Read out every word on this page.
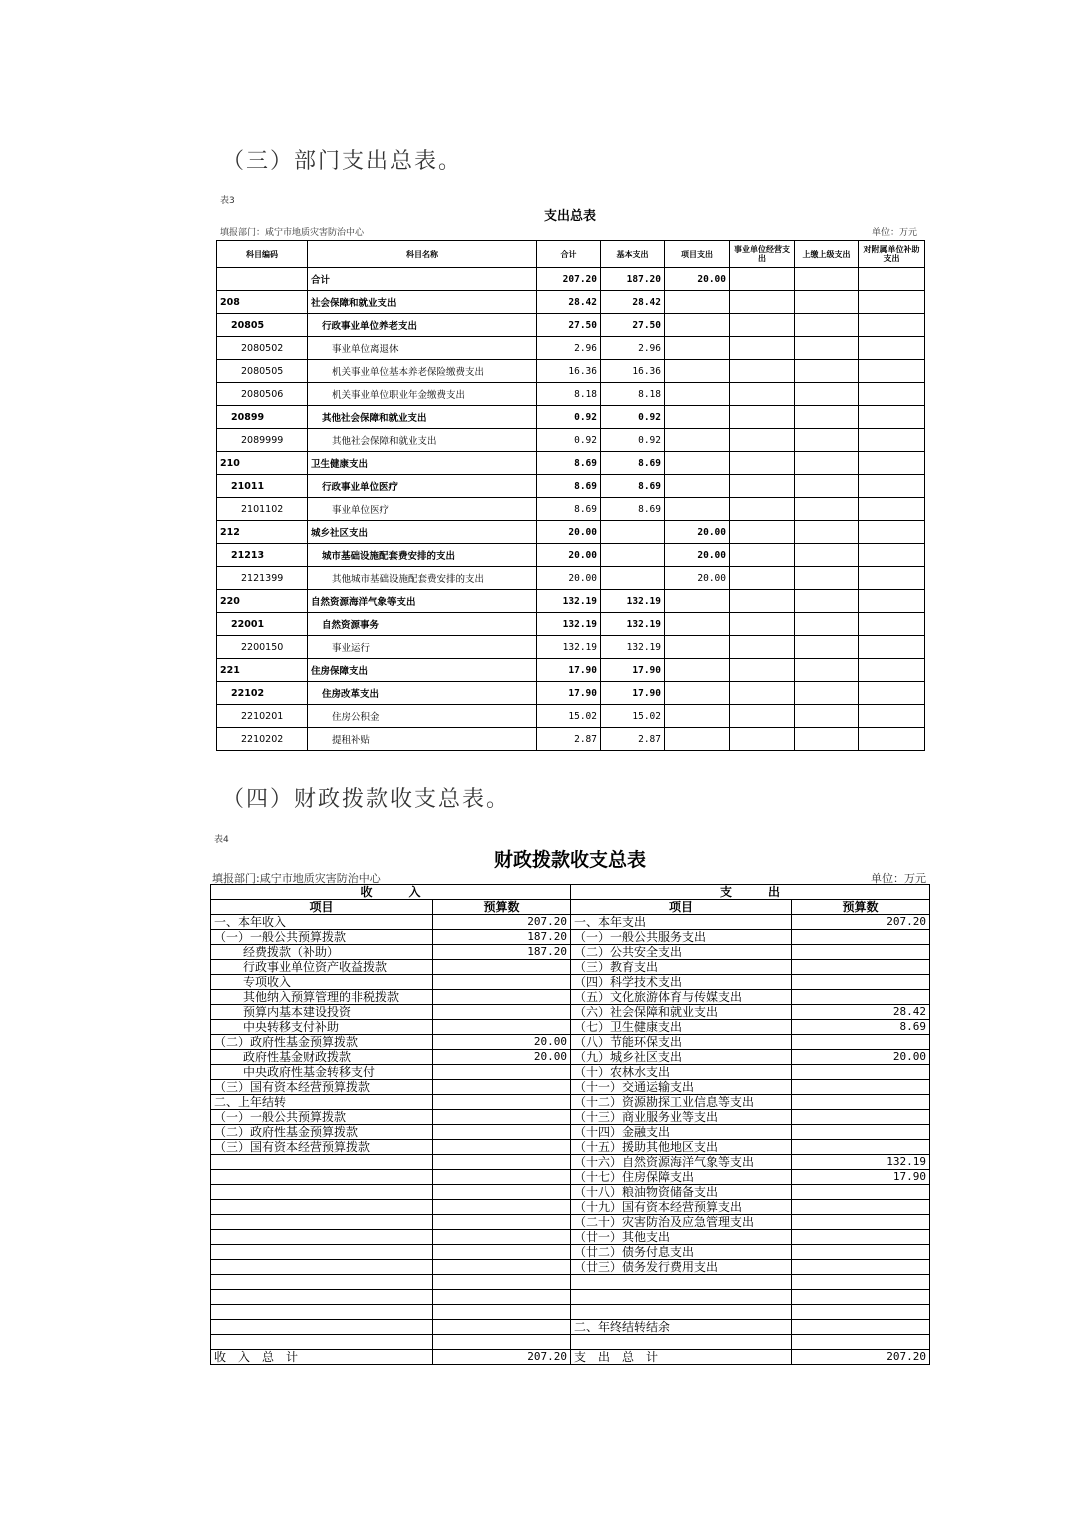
（三）部门支出总表。
表3
支出总表
填报部门：咸宁市地质灾害防治中心	单位：万元
科目编码	科目名称	合计	基本支出	项目支出	事业单位经营支出	上缴上级支出	对附属单位补助支出
	合计	207.20	187.20	20.00			
208	社会保障和就业支出	28.42	28.42				
20805	行政事业单位养老支出	27.50	27.50				
2080502	事业单位离退休	2.96	2.96				
2080505	机关事业单位基本养老保险缴费支出	16.36	16.36				
2080506	机关事业单位职业年金缴费支出	8.18	8.18				
20899	其他社会保障和就业支出	0.92	0.92				
2089999	其他社会保障和就业支出	0.92	0.92				
210	卫生健康支出	8.69	8.69				
21011	行政事业单位医疗	8.69	8.69				
2101102	事业单位医疗	8.69	8.69				
212	城乡社区支出	20.00		20.00			
21213	城市基础设施配套费安排的支出	20.00		20.00			
2121399	其他城市基础设施配套费安排的支出	20.00		20.00			
220	自然资源海洋气象等支出	132.19	132.19				
22001	自然资源事务	132.19	132.19				
2200150	事业运行	132.19	132.19				
221	住房保障支出	17.90	17.90				
22102	住房改革支出	17.90	17.90				
2210201	住房公积金	15.02	15.02				
2210202	提租补贴	2.87	2.87				
（四）财政拨款收支总表。
表4
财政拨款收支总表
填报部门:咸宁市地质灾害防治中心	单位：万元
收　　　入		支　　　出	
项目	预算数	项目	预算数
一、本年收入	207.20	一、本年支出	207.20
（一）一般公共预算拨款	187.20	（一）一般公共服务支出	
经费拨款（补助）	187.20	（二）公共安全支出	
行政事业单位资产收益拨款		（三）教育支出	
专项收入		（四）科学技术支出	
其他纳入预算管理的非税拨款		（五）文化旅游体育与传媒支出	
预算内基本建设投资		（六）社会保障和就业支出	28.42
中央转移支付补助		（七）卫生健康支出	8.69
（二）政府性基金预算拨款	20.00	（八）节能环保支出	
政府性基金财政拨款	20.00	（九）城乡社区支出	20.00
中央政府性基金转移支付		（十）农林水支出	
（三）国有资本经营预算拨款		（十一）交通运输支出	
二、上年结转		（十二）资源勘探工业信息等支出	
（一）一般公共预算拨款		（十三）商业服务业等支出	
（二）政府性基金预算拨款		（十四）金融支出	
（三）国有资本经营预算拨款		（十五）援助其他地区支出	
		（十六）自然资源海洋气象等支出	132.19
		（十七）住房保障支出	17.90
		（十八）粮油物资储备支出	
		（十九）国有资本经营预算支出	
		（二十）灾害防治及应急管理支出	
		（廿一）其他支出	
		（廿二）债务付息支出	
		（廿三）债务发行费用支出	

		二、年终结转结余	

收　入　总　计	207.20	支　出　总　计	207.20
